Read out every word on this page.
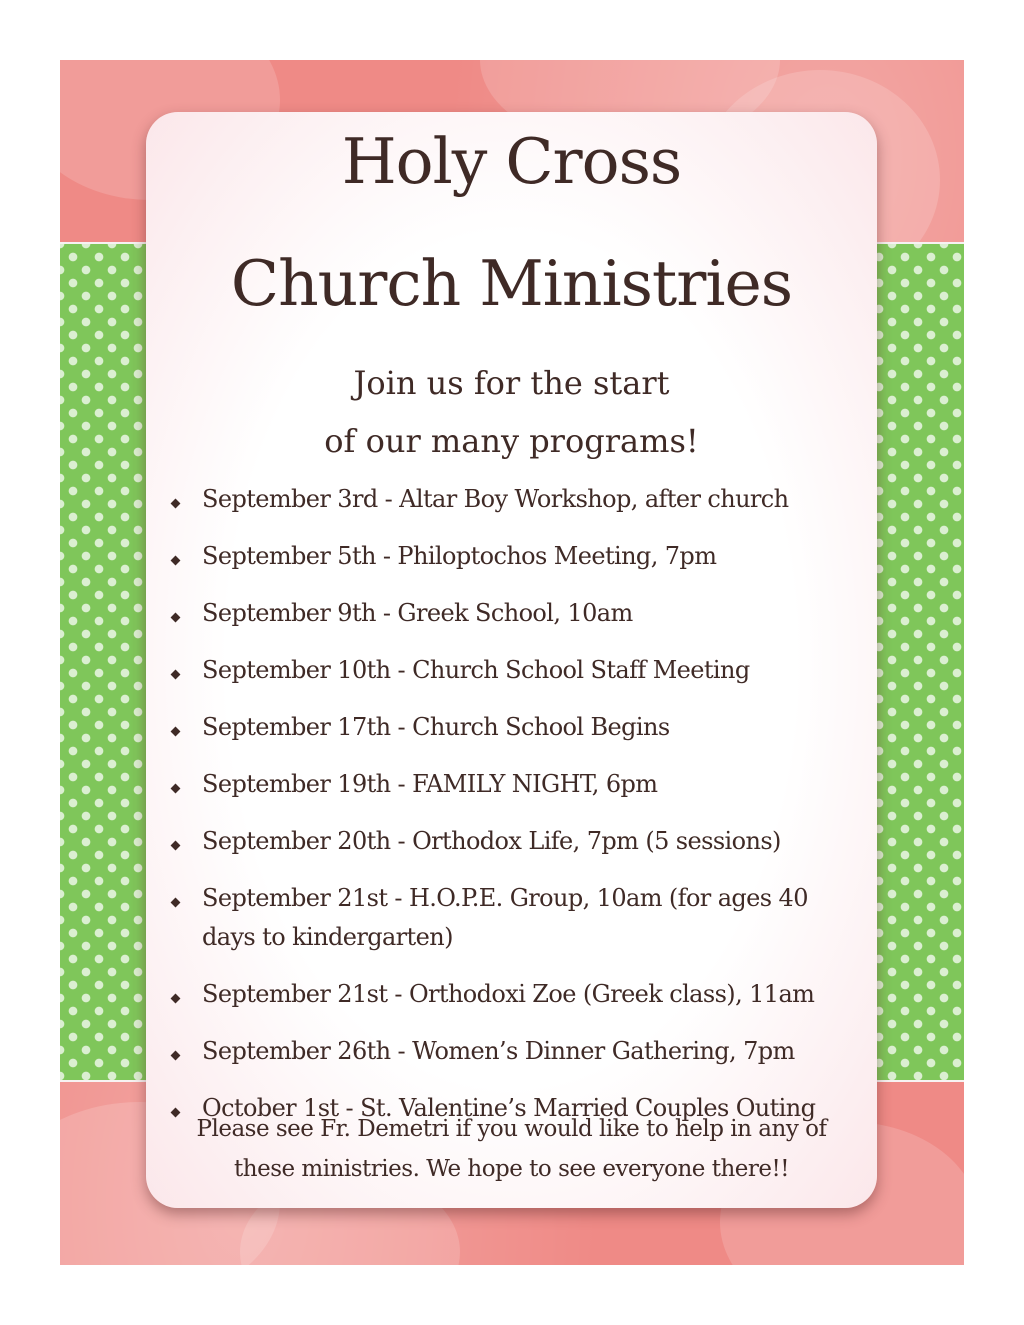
Holy Cross
Church Ministries

Join us for the start

of our many programs!

September 3rd - Altar Boy Workshop, after church
September 5th - Philoptochos Meeting, 7pm
September 9th - Greek School, 10am
September 10th - Church School Staff Meeting
September 17th - Church School Begins
September 19th - FAMILY NIGHT, 6pm
September 20th - Orthodox Life, 7pm (5 sessions)
September 21st - H.O.P.E. Group, 10am (for ages 40 days to kindergarten)
September 21st - Orthodoxi Zoe (Greek class), 11am
September 26th - Women’s Dinner Gathering, 7pm
October 1st - St. Valentine’s Married Couples Outing

Please see Fr. Demetri if you would like to help in any of these ministries. We hope to see everyone there!!
